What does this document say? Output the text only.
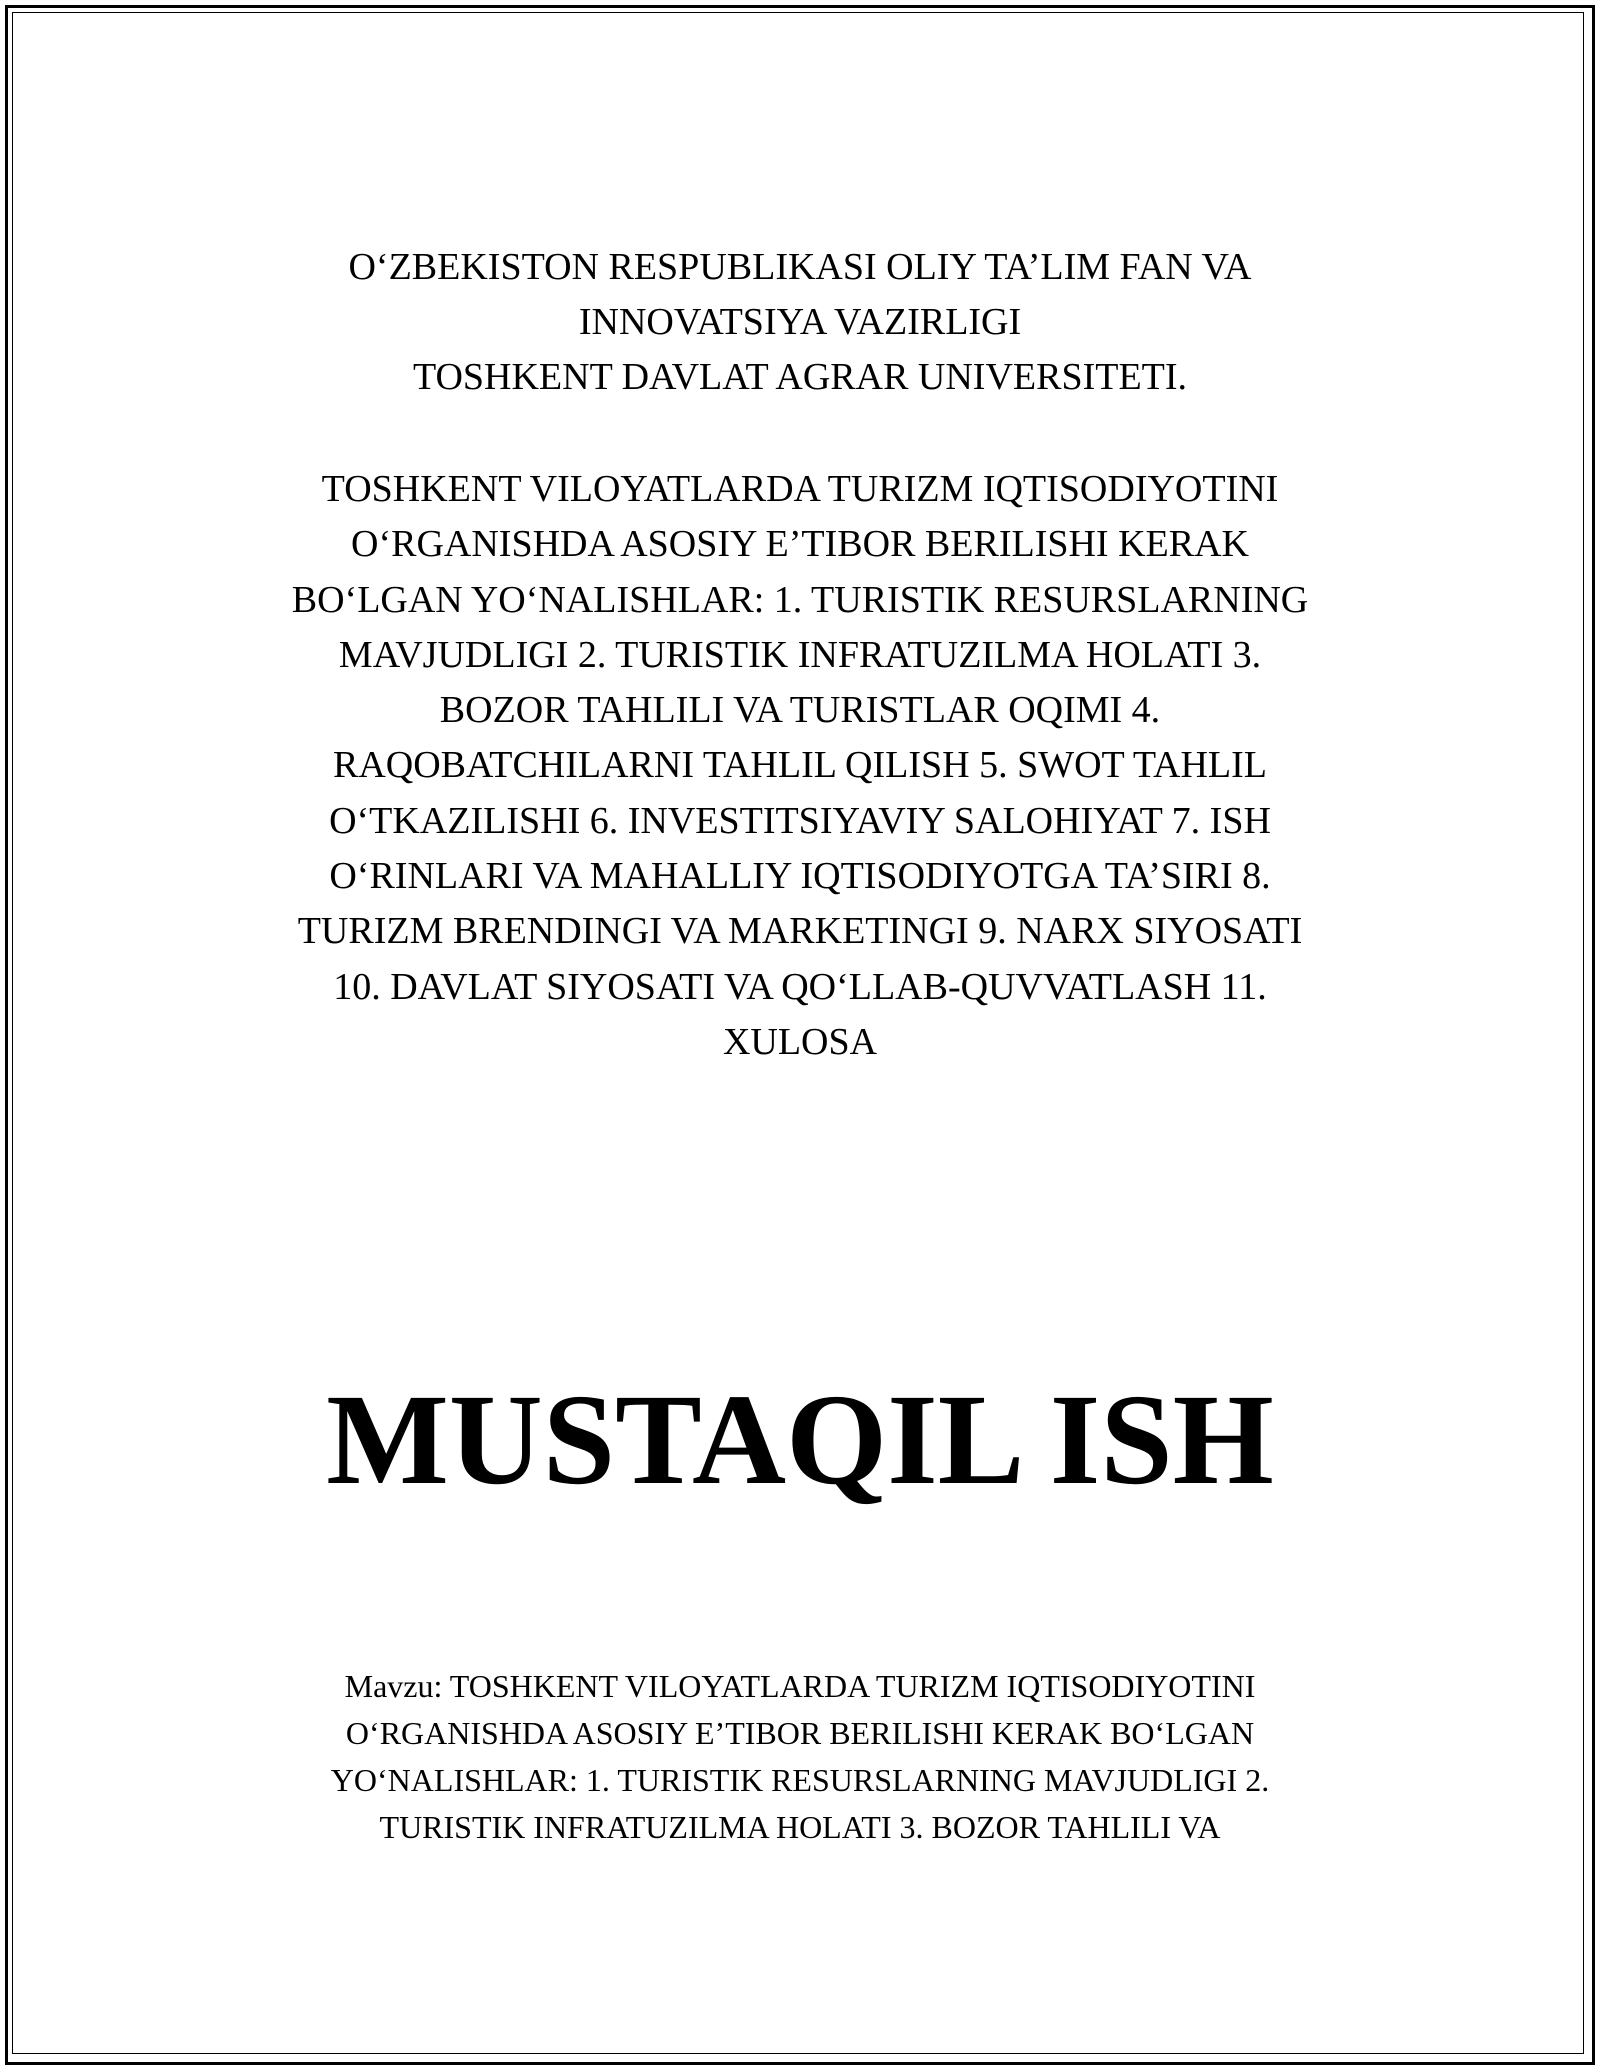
O‘ZBEKISTON RESPUBLIKASI OLIY TA’LIM FAN VA
INNOVATSIYA VAZIRLIGI
TOSHKENT DAVLAT AGRAR UNIVERSITETI.
TOSHKENT VILOYATLARDA TURIZM IQTISODIYOTINI
O‘RGANISHDA ASOSIY E’TIBOR BERILISHI KERAK
BO‘LGAN YO‘NALISHLAR: 1. TURISTIK RESURSLARNING
MAVJUDLIGI 2. TURISTIK INFRATUZILMA HOLATI 3.
BOZOR TAHLILI VA TURISTLAR OQIMI 4.
RAQOBATCHILARNI TAHLIL QILISH 5. SWOT TAHLIL
O‘TKAZILISHI 6. INVESTITSIYAVIY SALOHIYAT 7. ISH
O‘RINLARI VA MAHALLIY IQTISODIYOTGA TA’SIRI 8.
TURIZM BRENDINGI VA MARKETINGI 9. NARX SIYOSATI
10. DAVLAT SIYOSATI VA QO‘LLAB-QUVVATLASH 11.
XULOSA
MUSTAQIL ISH
Mavzu: TOSHKENT VILOYATLARDA TURIZM IQTISODIYOTINI
O‘RGANISHDA ASOSIY E’TIBOR BERILISHI KERAK BO‘LGAN
YO‘NALISHLAR: 1. TURISTIK RESURSLARNING MAVJUDLIGI 2.
TURISTIK INFRATUZILMA HOLATI 3. BOZOR TAHLILI VA
